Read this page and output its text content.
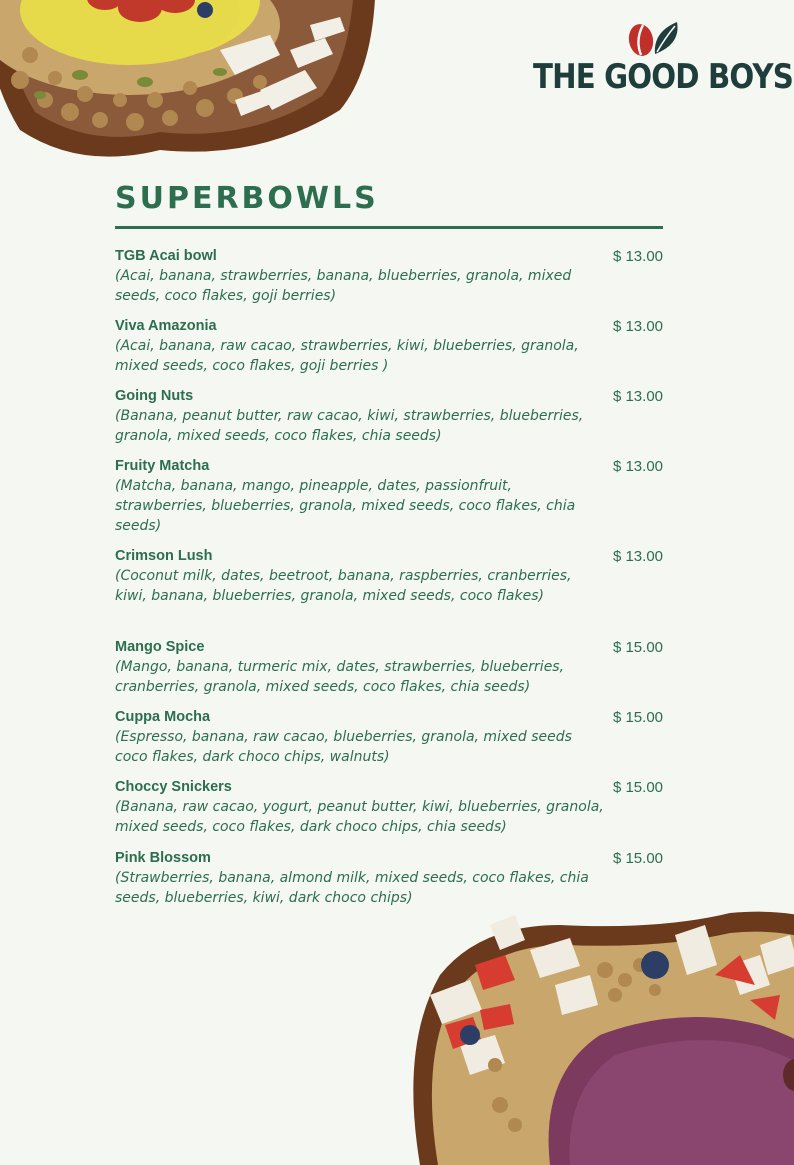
THE GOOD BOYS
SUPERBOWLS
TGB Acai bowl
(Acai, banana, strawberries, banana, blueberries, granola, mixed seeds, coco flakes, goji berries)
$ 13.00
Viva Amazonia
(Acai, banana, raw cacao, strawberries, kiwi, blueberries, granola, mixed seeds, coco flakes, goji berries )
$ 13.00
Going Nuts
(Banana, peanut butter, raw cacao, kiwi, strawberries, blueberries, granola, mixed seeds, coco flakes, chia seeds)
$ 13.00
Fruity Matcha
(Matcha, banana, mango, pineapple, dates, passionfruit, strawberries, blueberries, granola, mixed seeds, coco flakes, chia seeds)
$ 13.00
Crimson Lush
(Coconut milk, dates, beetroot, banana, raspberries, cranberries, kiwi, banana, blueberries, granola, mixed seeds, coco flakes)
$ 13.00
Mango Spice
(Mango, banana, turmeric mix, dates, strawberries, blueberries, cranberries, granola, mixed seeds, coco flakes, chia seeds)
$ 15.00
Cuppa Mocha
(Espresso, banana, raw cacao, blueberries, granola, mixed seeds coco flakes, dark choco chips, walnuts)
$ 15.00
Choccy Snickers
(Banana, raw cacao, yogurt, peanut butter, kiwi, blueberries, granola, mixed seeds, coco flakes, dark choco chips, chia seeds)
$ 15.00
Pink Blossom
(Strawberries, banana, almond milk, mixed seeds, coco flakes, chia seeds, blueberries, kiwi, dark choco chips)
$ 15.00
